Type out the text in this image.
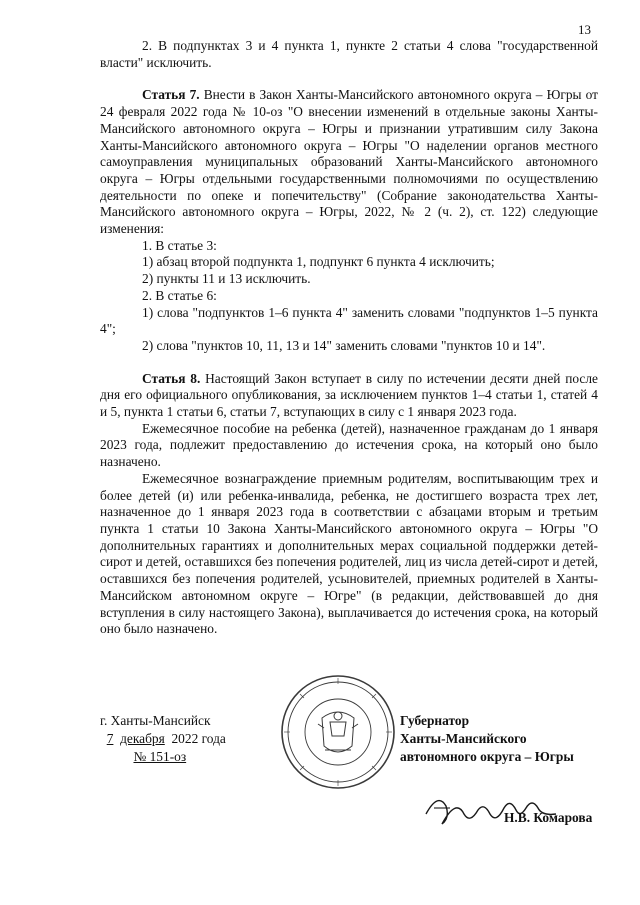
13

2. В подпунктах 3 и 4 пункта 1, пункте 2 статьи 4 слова "государственной власти" исключить.

Статья 7. Внести в Закон Ханты-Мансийского автономного округа – Югры от 24 февраля 2022 года № 10-оз "О внесении изменений в отдельные законы Ханты-Мансийского автономного округа – Югры и признании утратившим силу Закона Ханты-Мансийского автономного округа – Югры "О наделении органов местного самоуправления муниципальных образований Ханты-Мансийского автономного округа – Югры отдельными государственными полномочиями по осуществлению деятельности по опеке и попечительству" (Собрание законодательства Ханты-Мансийского автономного округа – Югры, 2022, № 2 (ч. 2), ст. 122) следующие изменения:

1. В статье 3:

1) абзац второй подпункта 1, подпункт 6 пункта 4 исключить;

2) пункты 11 и 13 исключить.

2. В статье 6:

1) слова "подпунктов 1–6 пункта 4" заменить словами "подпунктов 1–5 пункта 4";

2) слова "пунктов 10, 11, 13 и 14" заменить словами "пунктов 10 и 14".

Статья 8. Настоящий Закон вступает в силу по истечении десяти дней после дня его официального опубликования, за исключением пунктов 1–4 статьи 1, статей 4 и 5, пункта 1 статьи 6, статьи 7, вступающих в силу с 1 января 2023 года.

Ежемесячное пособие на ребенка (детей), назначенное гражданам до 1 января 2023 года, подлежит предоставлению до истечения срока, на который оно было назначено.

Ежемесячное вознаграждение приемным родителям, воспитывающим трех и более детей (и) или ребенка-инвалида, ребенка, не достигшего возраста трех лет, назначенное до 1 января 2023 года в соответствии с абзацами вторым и третьим пункта 1 статьи 10 Закона Ханты-Мансийского автономного округа – Югры "О дополнительных гарантиях и дополнительных мерах социальной поддержки детей-сирот и детей, оставшихся без попечения родителей, лиц из числа детей-сирот и детей, оставшихся без попечения родителей, усыновителей, приемных родителей в Ханты-Мансийском автономном округе – Югре" (в редакции, действовавшей до дня вступления в силу настоящего Закона), выплачивается до истечения срока, на который оно было назначено.

г. Ханты-Мансийск
7 декабря 2022 года
№ 151-оз
Губернатор
Ханты-Мансийского
автономного округа – Югры
Н.В. Комарова
